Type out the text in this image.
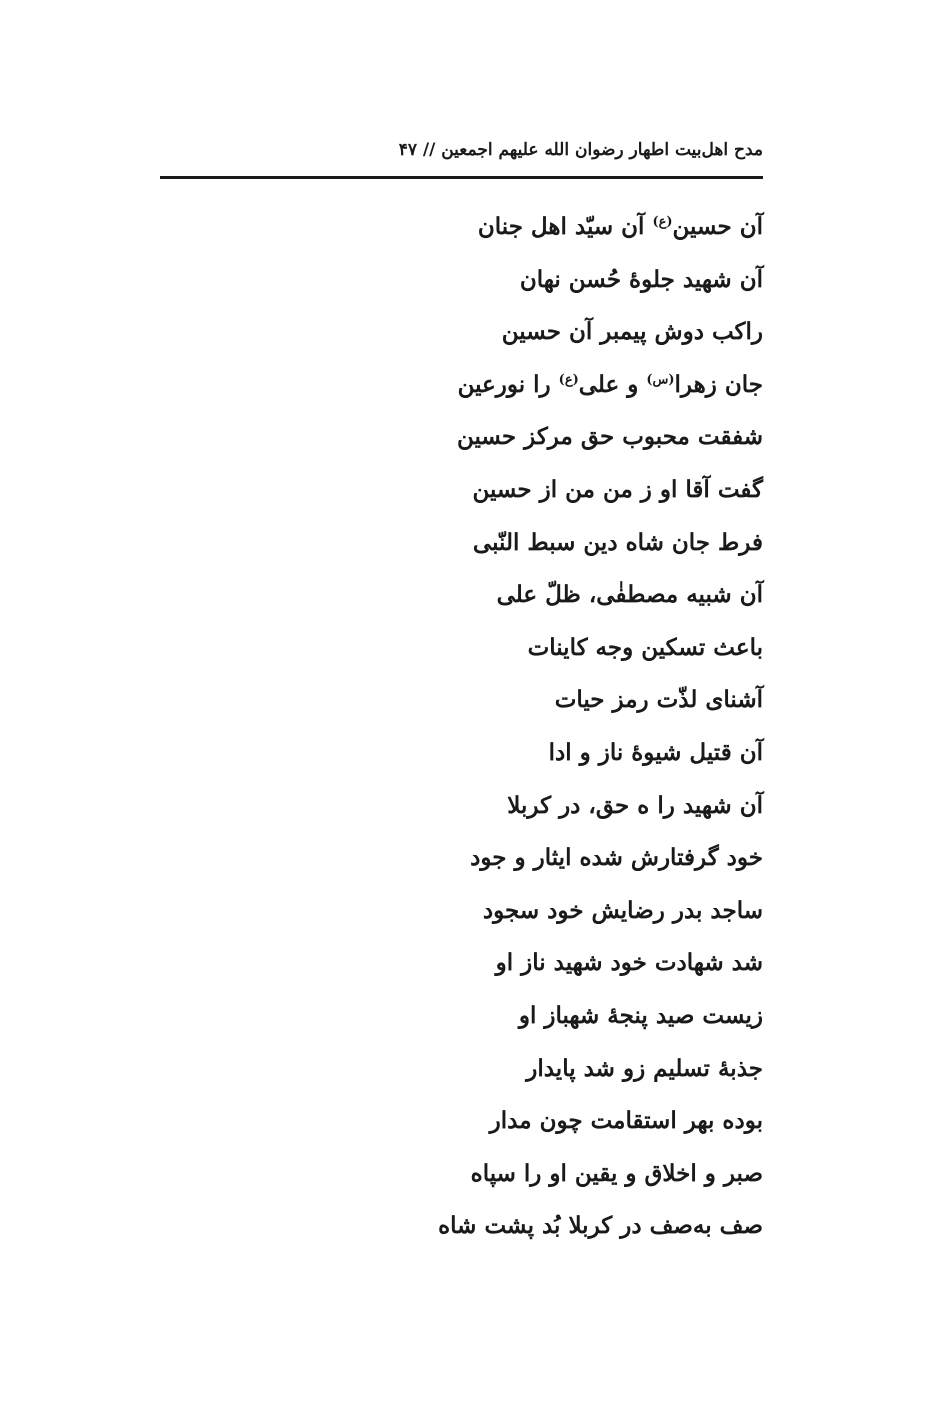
مدح اهل‌بیت اطهار رضوان الله علیهم اجمعین // ۴۷
آن حسین$^{(ع)}$ آن سیّد اهل جنان
آن شهید جلوهٔ حُسن نهان
راکب دوش پیمبر آن حسین
جان زهرا$^{(س)}$ و علی$^{(ع)}$ را نورعین
شفقت محبوب حق مرکز حسین
گفت آقا او ز من من از حسین
فرط جان شاه دین سبط النّبی
آن شبیه مصطفٰی، ظلّ علی
باعث تسکین وجه کاینات
آشنای لذّت رمز حیات
آن قتیل شیوهٔ ناز و ادا
آن شهید را ه حق، در کربلا
خود گرفتارش شده ایثار و جود
ساجد بدر رضایش خود سجود
شد شهادت خود شهید ناز او
زیست صید پنجهٔ شهباز او
جذبهٔ تسلیم زو شد پایدار
بوده بهر استقامت چون مدار
صبر و اخلاق و یقین او را سپاه
صف به‌صف در کربلا بُد پشت شاه
